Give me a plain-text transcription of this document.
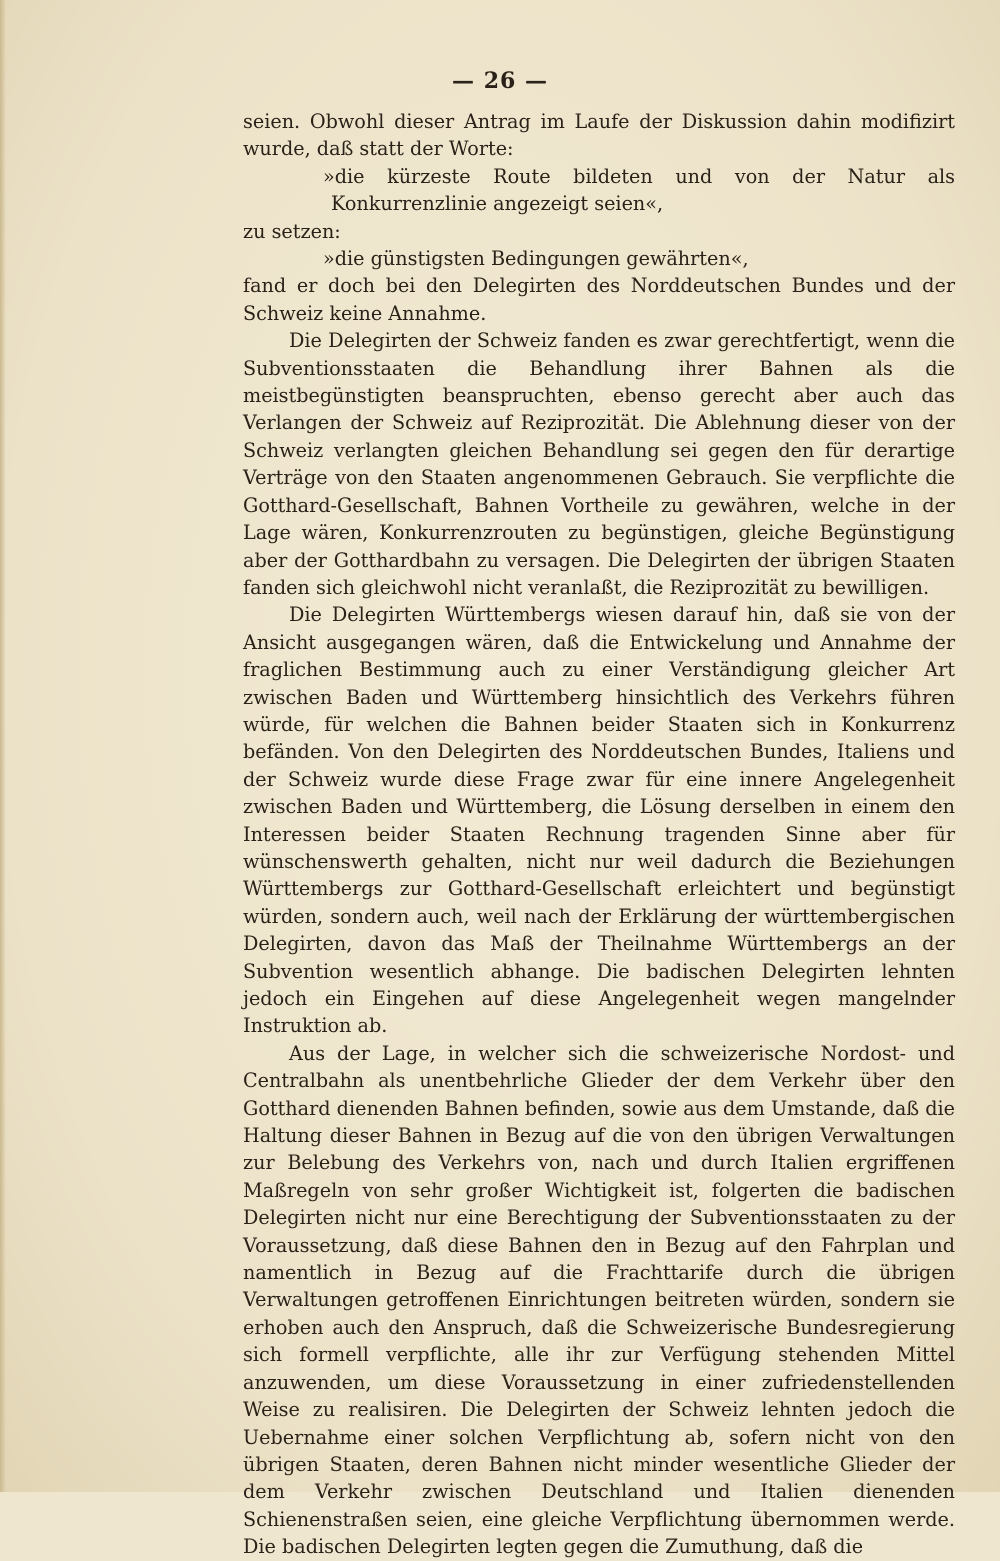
— 26 —

seien. Obwohl dieser Antrag im Laufe der Diskussion dahin modifizirt wurde, daß statt der Worte:

»die kürzeste Route bildeten und von der Natur als Konkurrenzlinie angezeigt seien«,

zu setzen:

»die günstigsten Bedingungen gewährten«,

fand er doch bei den Delegirten des Norddeutschen Bundes und der Schweiz keine Annahme.

Die Delegirten der Schweiz fanden es zwar gerechtfertigt, wenn die Subventionsstaaten die Behandlung ihrer Bahnen als die meistbegünstigten beanspruchten, ebenso gerecht aber auch das Verlangen der Schweiz auf Reziprozität. Die Ablehnung dieser von der Schweiz verlangten gleichen Behandlung sei gegen den für derartige Verträge von den Staaten angenommenen Gebrauch. Sie verpflichte die Gotthard-Gesellschaft, Bahnen Vortheile zu gewähren, welche in der Lage wären, Konkurrenzrouten zu begünstigen, gleiche Begünstigung aber der Gotthardbahn zu versagen. Die Delegirten der übrigen Staaten fanden sich gleichwohl nicht veranlaßt, die Reziprozität zu bewilligen.

Die Delegirten Württembergs wiesen darauf hin, daß sie von der Ansicht ausgegangen wären, daß die Entwickelung und Annahme der fraglichen Bestimmung auch zu einer Verständigung gleicher Art zwischen Baden und Württemberg hinsichtlich des Verkehrs führen würde, für welchen die Bahnen beider Staaten sich in Konkurrenz befänden. Von den Delegirten des Norddeutschen Bundes, Italiens und der Schweiz wurde diese Frage zwar für eine innere Angelegenheit zwischen Baden und Württemberg, die Lösung derselben in einem den Interessen beider Staaten Rechnung tragenden Sinne aber für wünschenswerth gehalten, nicht nur weil dadurch die Beziehungen Württembergs zur Gotthard-Gesellschaft erleichtert und begünstigt würden, sondern auch, weil nach der Erklärung der württembergischen Delegirten, davon das Maß der Theilnahme Württembergs an der Subvention wesentlich abhange. Die badischen Delegirten lehnten jedoch ein Eingehen auf diese Angelegenheit wegen mangelnder Instruktion ab.

Aus der Lage, in welcher sich die schweizerische Nordost- und Centralbahn als unentbehrliche Glieder der dem Verkehr über den Gotthard dienenden Bahnen befinden, sowie aus dem Umstande, daß die Haltung dieser Bahnen in Bezug auf die von den übrigen Verwaltungen zur Belebung des Verkehrs von, nach und durch Italien ergriffenen Maßregeln von sehr großer Wichtigkeit ist, folgerten die badischen Delegirten nicht nur eine Berechtigung der Subventionsstaaten zu der Voraussetzung, daß diese Bahnen den in Bezug auf den Fahrplan und namentlich in Bezug auf die Frachttarife durch die übrigen Verwaltungen getroffenen Einrichtungen beitreten würden, sondern sie erhoben auch den Anspruch, daß die Schweizerische Bundesregierung sich formell verpflichte, alle ihr zur Verfügung stehenden Mittel anzuwenden, um diese Voraussetzung in einer zufriedenstellenden Weise zu realisiren. Die Delegirten der Schweiz lehnten jedoch die Uebernahme einer solchen Verpflichtung ab, sofern nicht von den übrigen Staaten, deren Bahnen nicht minder wesentliche Glieder der dem Verkehr zwischen Deutschland und Italien dienenden Schienenstraßen seien, eine gleiche Verpflichtung übernommen werde. Die badischen Delegirten legten gegen die Zumuthung, daß die
